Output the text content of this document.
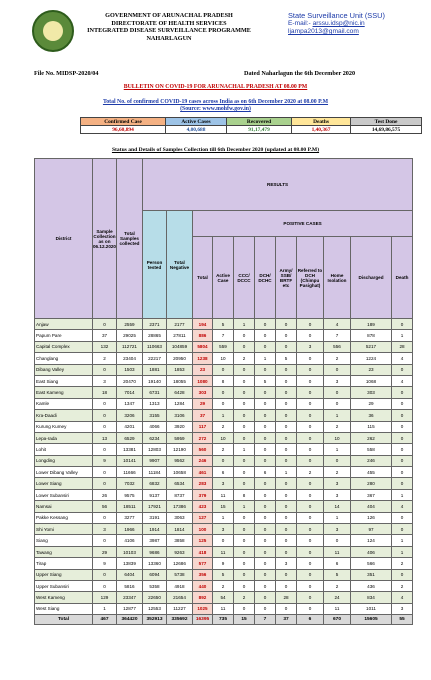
GOVERNMENT OF ARUNACHAL PRADESH
DIRECTORATE OF HEALTH SERVICES
INTEGRATED DISEASE SURVEILLANCE PROGRAMME
NAHARLAGUN
State Surveillance Unit (SSU)
E-mail:- arssu.idsp@nic.in
ljampa2013@gmail.com
File No. MIDSP-2020/04	Dated Naharlagun the 6th December 2020
BULLETIN ON COVID-19 FOR ARUNACHAL PRADESH AT 08.00 PM
Total No. of confirmed COVID-19 cases across India as on 6th December 2020 at 08.00 P.M
(Source: www.mohfw.gov.in)
Confirmed Case	Active Cases	Recovered	Deaths	Test Done
96,60,894	4,00,688	91,17,479	1,40,367	14,69,86,575
Status and Details of Samples Collection till 6th December 2020 (updated at 08.00 P.M)
District	Sample Collection as on 06.12.2020	Total Samples collected	RESULTS										
			Person tested	Total Negative	POSITIVE CASES								
					Total	Active Case	CCC/ DCCC	DCH/ DCHC	Army/ SSB/ BRTF etc	Referred to DCH (Chimpu Pasighat)	Home Isolation	Discharged	Death
Anjaw	0	2559	2371	2177	194	5	1	0	0	0	4	189	0
Papum Pare	37	29025	28865	27811	886	7	0	0	0	0	7	878	1
Capital Complex	132	112721	110663	104859	5804	559	0	0	0	3	556	5217	28
Changlang	2	23404	22217	20950	1238	10	2	1	5	0	2	1224	4
Dibang Valley	0	1503	1881	1853	23	0	0	0	0	0	0	23	0
East Siang	3	20470	19140	18055	1080	8	0	5	0	0	3	1068	4
East Kameng	18	7014	6731	6428	303	0	0	0	0	0	0	303	0
Kamle	0	1347	1313	1284	29	0	0	0	0	0	0	29	0
Kra-Daadi	0	3206	3155	3106	37	1	0	0	0	0	1	36	0
Kurung Kumey	0	4201	4066	3920	117	2	0	0	0	0	2	115	0
Lepa-rada	13	6529	6234	5959	272	10	0	0	0	0	10	262	0
Lohit	0	13381	12803	12190	560	2	1	0	0	0	1	558	0
Longding	9	10141	9907	9562	246	0	0	0	0	0	0	246	0
Lower Dibang Valley	0	11666	11184	10658	461	6	0	6	1	2	2	455	0
Lower Siang	0	7032	6832	6534	283	3	0	0	0	0	3	280	0
Lower Subansiri	26	9575	9137	8737	379	11	8	0	0	0	3	367	1
Namsai	56	18511	17921	17386	423	15	1	0	0	0	14	404	4
Pakke Kessang	0	3277	3191	3063	127	1	0	0	0	0	1	126	0
Shi Yomi	3	1966	1914	1814	100	3	0	0	0	0	3	97	0
Siang	0	4106	3987	3858	125	0	0	0	0	0	0	124	1
Tawang	29	10103	9686	9263	418	11	0	0	0	0	11	406	1
Tirap	9	13839	13360	12686	577	9	0	0	3	0	6	566	2
Upper Siang	0	6404	6094	5738	356	5	0	0	0	0	5	351	0
Upper Subansiri	0	5816	5358	4918	440	2	0	0	0	0	2	436	2
West Kameng	129	23347	22650	21654	892	54	2	0	28	0	24	834	4
West Siang	1	12877	12553	11227	1025	11	0	0	0	0	11	1011	3
Total	467	364420	352913	335692	16395	735	15	7	37	6	670	15605	55
